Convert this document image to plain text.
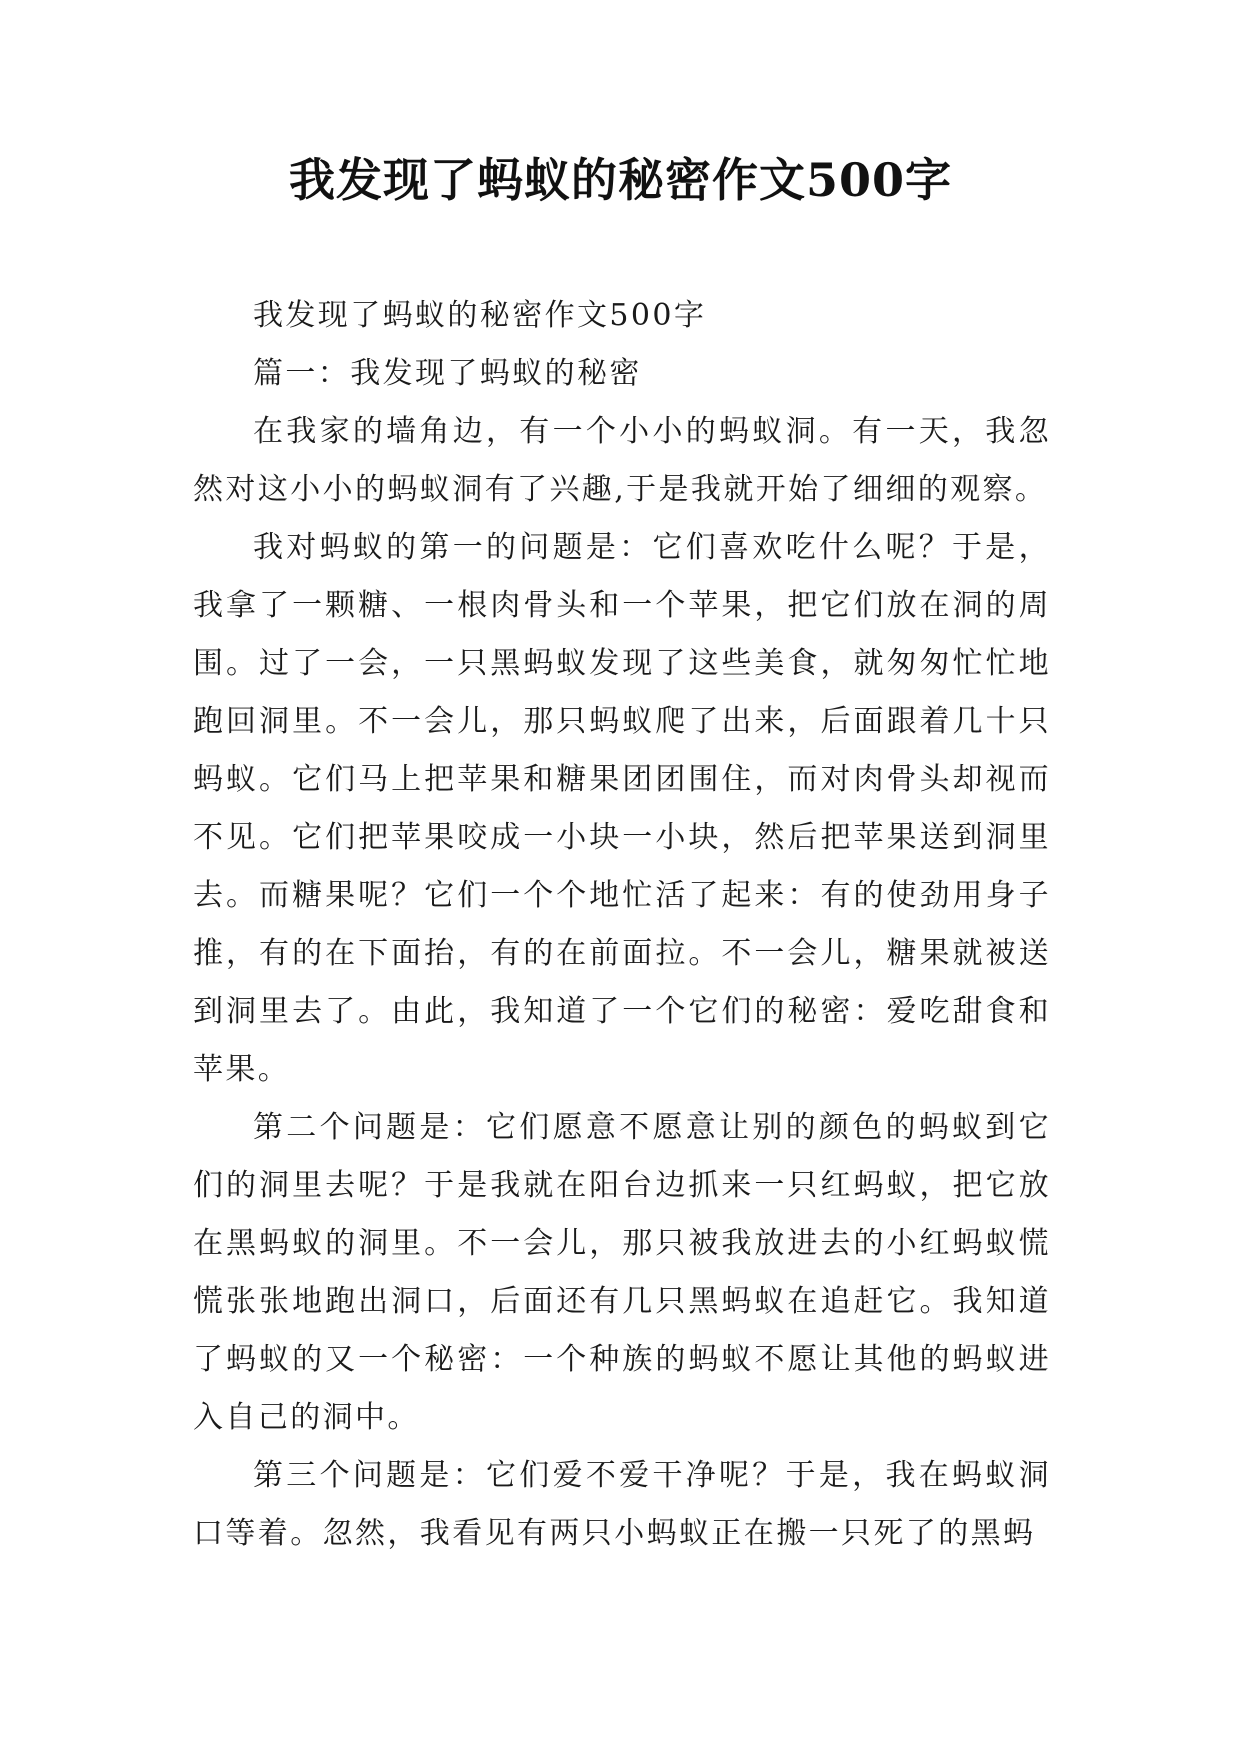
我发现了蚂蚁的秘密作文500字

我发现了蚂蚁的秘密作文500字

篇一：我发现了蚂蚁的秘密

在我家的墙角边，有一个小小的蚂蚁洞。有一天，我忽然对这小小的蚂蚁洞有了兴趣,于是我就开始了细细的观察。

我对蚂蚁的第一的问题是：它们喜欢吃什么呢？于是，我拿了一颗糖、一根肉骨头和一个苹果，把它们放在洞的周围。过了一会，一只黑蚂蚁发现了这些美食，就匆匆忙忙地跑回洞里。不一会儿，那只蚂蚁爬了出来，后面跟着几十只蚂蚁。它们马上把苹果和糖果团团围住，而对肉骨头却视而不见。它们把苹果咬成一小块一小块，然后把苹果送到洞里去。而糖果呢？它们一个个地忙活了起来：有的使劲用身子推，有的在下面抬，有的在前面拉。不一会儿，糖果就被送到洞里去了。由此，我知道了一个它们的秘密：爱吃甜食和苹果。

第二个问题是：它们愿意不愿意让别的颜色的蚂蚁到它们的洞里去呢？于是我就在阳台边抓来一只红蚂蚁，把它放在黑蚂蚁的洞里。不一会儿，那只被我放进去的小红蚂蚁慌慌张张地跑出洞口，后面还有几只黑蚂蚁在追赶它。我知道了蚂蚁的又一个秘密：一个种族的蚂蚁不愿让其他的蚂蚁进入自己的洞中。

第三个问题是：它们爱不爱干净呢？于是，我在蚂蚁洞口等着。忽然，我看见有两只小蚂蚁正在搬一只死了的黑蚂
